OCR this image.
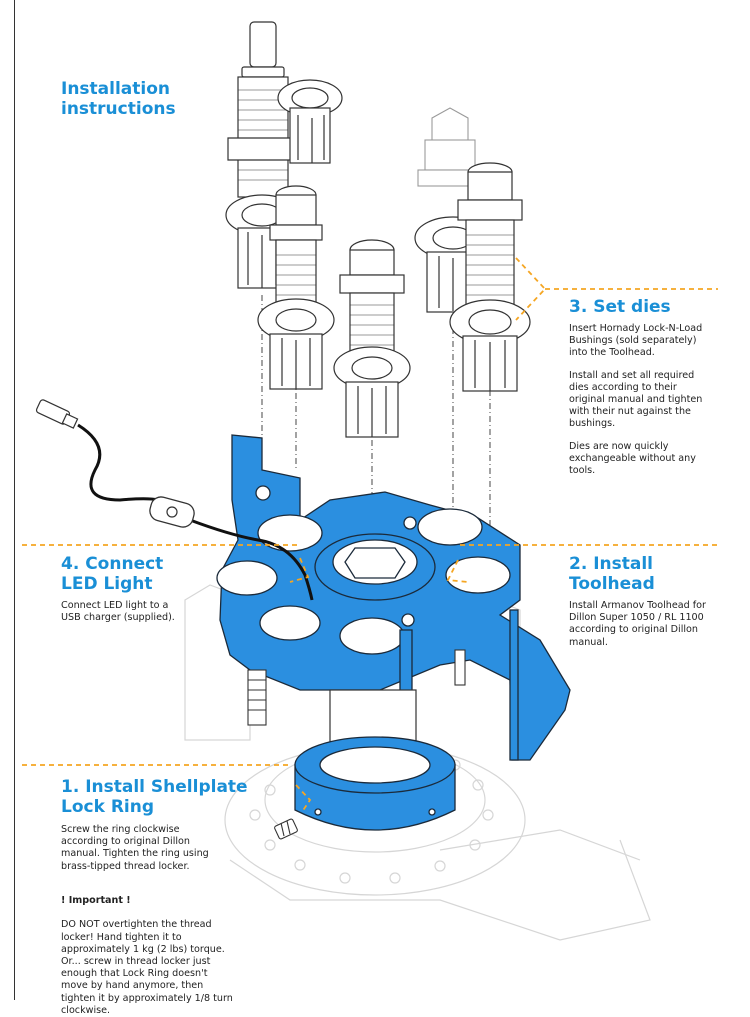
Installation
instructions
3. Set dies

Insert Hornady Lock-N-Load
Bushings (sold separately)
into the Toolhead.

Install and set all required
dies according to their
original manual and tighten
with their nut against the
bushings.

Dies are now quickly
exchangeable without any
tools.

4. Connect
LED Light

Connect LED light to a
USB charger (supplied).

2. Install
Toolhead

Install Armanov Toolhead for
Dillon Super 1050 / RL 1100
according to original Dillon
manual.

1. Install Shellplate
Lock Ring

Screw the ring clockwise
according to original Dillon
manual. Tighten the ring using
brass-tipped thread locker.

! Important !

DO NOT overtighten the thread
locker! Hand tighten it to
approximately 1 kg (2 lbs) torque.
Or... screw in thread locker just
enough that Lock Ring doesn't
move by hand anymore, then
tighten it by approximately 1/8 turn
clockwise.
